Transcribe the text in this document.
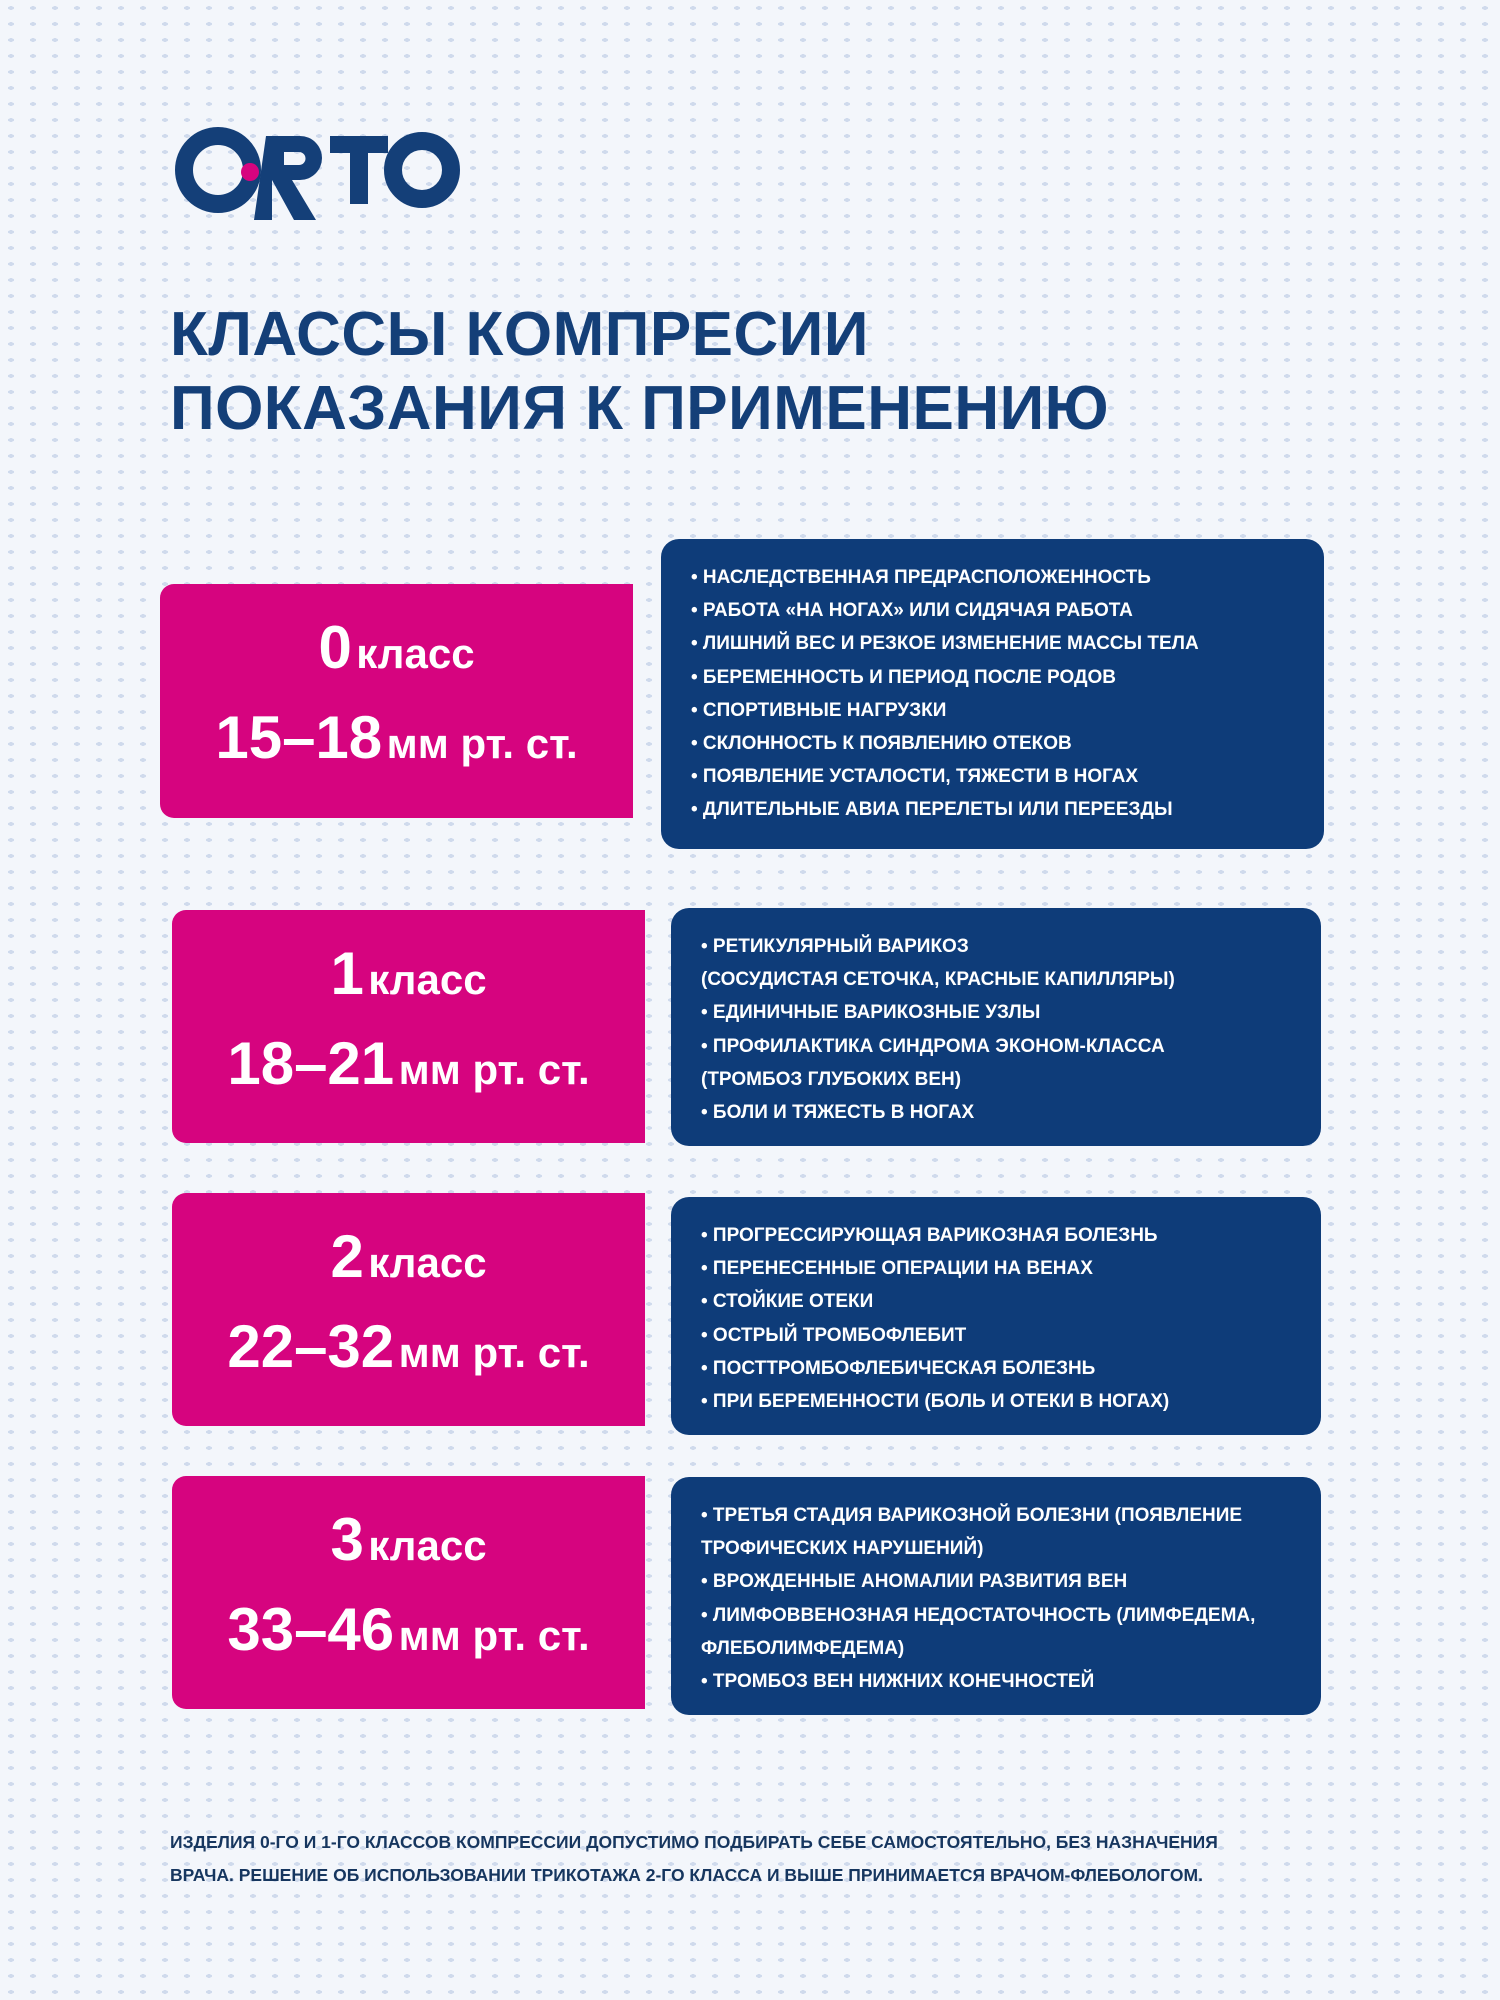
КЛАССЫ КОМПРЕСИИ
ПОКАЗАНИЯ К ПРИМЕНЕНИЮ
0 класс
15–18 мм рт. ст.
• НАСЛЕДСТВЕННАЯ ПРЕДРАСПОЛОЖЕННОСТЬ
• РАБОТА «НА НОГАХ» ИЛИ СИДЯЧАЯ РАБОТА
• ЛИШНИЙ ВЕС И РЕЗКОЕ ИЗМЕНЕНИЕ МАССЫ ТЕЛА
• БЕРЕМЕННОСТЬ И ПЕРИОД ПОСЛЕ РОДОВ
• СПОРТИВНЫЕ НАГРУЗКИ
• СКЛОННОСТЬ К ПОЯВЛЕНИЮ ОТЕКОВ
• ПОЯВЛЕНИЕ УСТАЛОСТИ, ТЯЖЕСТИ В НОГАХ
• ДЛИТЕЛЬНЫЕ АВИА ПЕРЕЛЕТЫ ИЛИ ПЕРЕЕЗДЫ
1 класс
18–21 мм рт. ст.
• РЕТИКУЛЯРНЫЙ ВАРИКОЗ
(СОСУДИСТАЯ СЕТОЧКА, КРАСНЫЕ КАПИЛЛЯРЫ)
• ЕДИНИЧНЫЕ ВАРИКОЗНЫЕ УЗЛЫ
• ПРОФИЛАКТИКА СИНДРОМА ЭКОНОМ-КЛАССА
(ТРОМБОЗ ГЛУБОКИХ ВЕН)
• БОЛИ И ТЯЖЕСТЬ В НОГАХ
2 класс
22–32 мм рт. ст.
• ПРОГРЕССИРУЮЩАЯ ВАРИКОЗНАЯ БОЛЕЗНЬ
• ПЕРЕНЕСЕННЫЕ ОПЕРАЦИИ НА ВЕНАХ
• СТОЙКИЕ ОТЕКИ
• ОСТРЫЙ ТРОМБОФЛЕБИТ
• ПОСТТРОМБОФЛЕБИЧЕСКАЯ БОЛЕЗНЬ
• ПРИ БЕРЕМЕННОСТИ (БОЛЬ И ОТЕКИ В НОГАХ)
3 класс
33–46 мм рт. ст.
• ТРЕТЬЯ СТАДИЯ ВАРИКОЗНОЙ БОЛЕЗНИ (ПОЯВЛЕНИЕ
ТРОФИЧЕСКИХ НАРУШЕНИЙ)
• ВРОЖДЕННЫЕ АНОМАЛИИ РАЗВИТИЯ ВЕН
• ЛИМФОВВЕНОЗНАЯ НЕДОСТАТОЧНОСТЬ (ЛИМФЕДЕМА,
ФЛЕБОЛИМФЕДЕМА)
• ТРОМБОЗ ВЕН НИЖНИХ КОНЕЧНОСТЕЙ

ИЗДЕЛИЯ 0-ГО И 1-ГО КЛАССОВ КОМПРЕССИИ ДОПУСТИМО ПОДБИРАТЬ СЕБЕ САМОСТОЯТЕЛЬНО, БЕЗ НАЗНАЧЕНИЯ
ВРАЧА. РЕШЕНИЕ ОБ ИСПОЛЬЗОВАНИИ ТРИКОТАЖА 2-ГО КЛАССА И ВЫШЕ ПРИНИМАЕТСЯ ВРАЧОМ-ФЛЕБОЛОГОМ.
